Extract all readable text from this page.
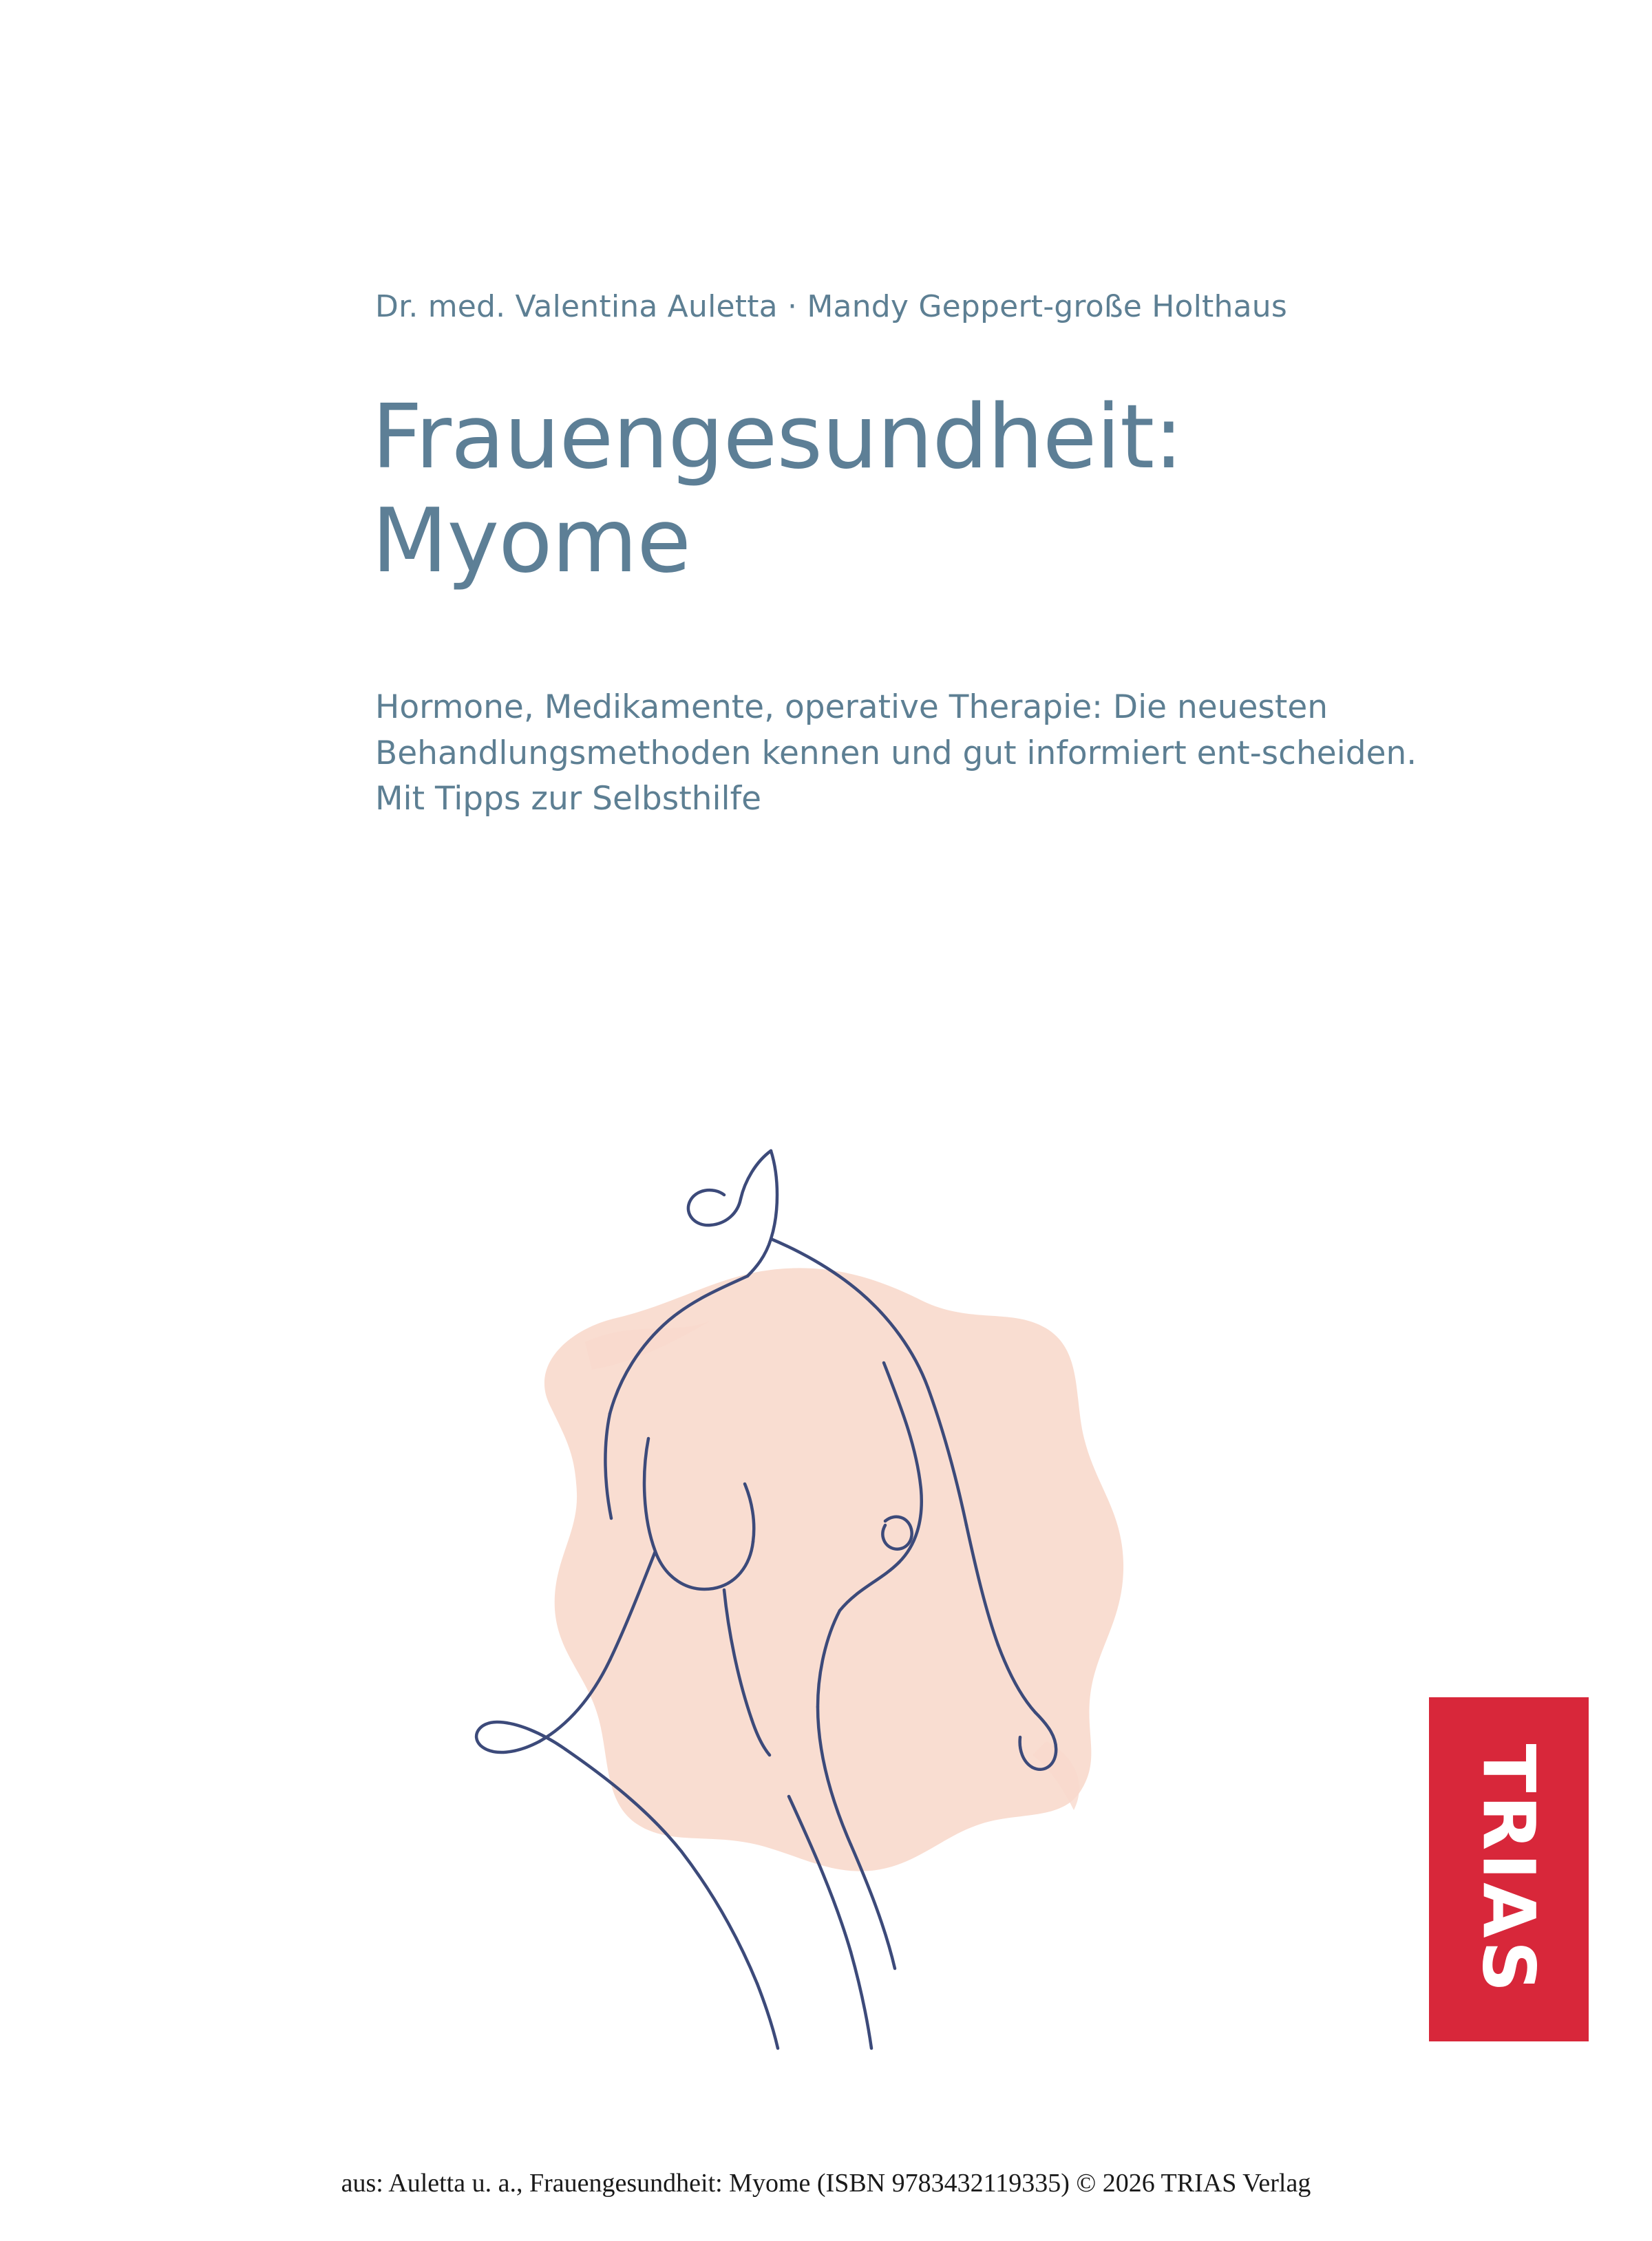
Dr. med. Valentina Auletta · Mandy Geppert-große Holthaus
Frauengesundheit:
Myome
Hormone, Medikamente, operative Therapie: Die neuesten Behandlungsmethoden kennen und gut informiert ent-scheiden. Mit Tipps zur Selbsthilfe
TRIAS
aus: Auletta u. a., Frauengesundheit: Myome (ISBN 9783432119335) © 2026 TRIAS Verlag
